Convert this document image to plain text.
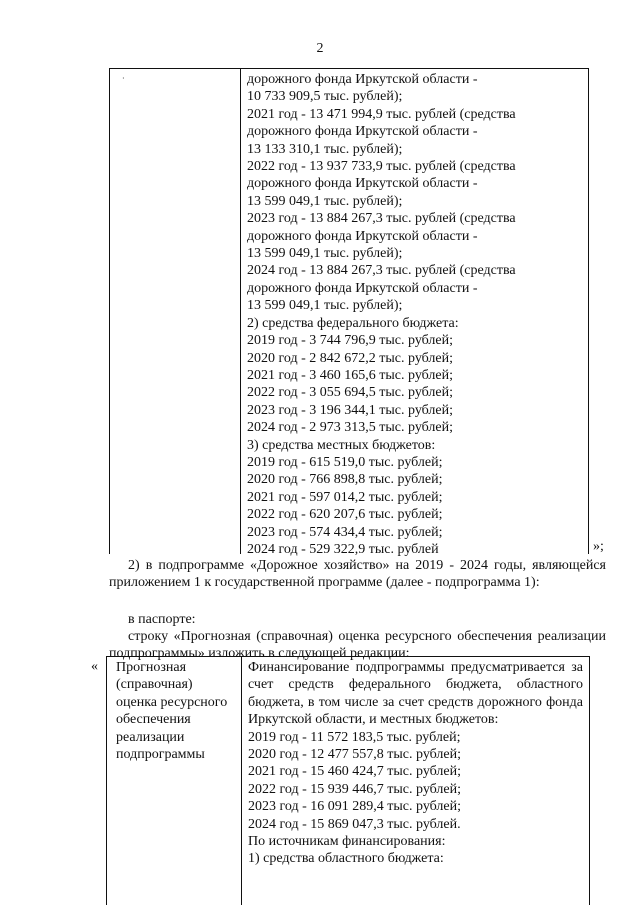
2
·	дорожного фонда Иркутской области -
10 733 909,5 тыс. рублей);
2021 год - 13 471 994,9 тыс. рублей (средства
дорожного фонда Иркутской области -
13 133 310,1 тыс. рублей);
2022 год - 13 937 733,9 тыс. рублей (средства
дорожного фонда Иркутской области -
13 599 049,1 тыс. рублей);
2023 год - 13 884 267,3 тыс. рублей (средства
дорожного фонда Иркутской области -
13 599 049,1 тыс. рублей);
2024 год - 13 884 267,3 тыс. рублей (средства
дорожного фонда Иркутской области -
13 599 049,1 тыс. рублей);
2) средства федерального бюджета:
2019 год - 3 744 796,9 тыс. рублей;
2020 год - 2 842 672,2 тыс. рублей;
2021 год - 3 460 165,6 тыс. рублей;
2022 год - 3 055 694,5 тыс. рублей;
2023 год - 3 196 344,1 тыс. рублей;
2024 год - 2 973 313,5 тыс. рублей;
3) средства местных бюджетов:
2019 год - 615 519,0 тыс. рублей;
2020 год - 766 898,8 тыс. рублей;
2021 год - 597 014,2 тыс. рублей;
2022 год - 620 207,6 тыс. рублей;
2023 год - 574 434,4 тыс. рублей;
2024 год - 529 322,9 тыс. рублей	»;
2) в подпрограмме «Дорожное хозяйство» на 2019 - 2024 годы, являющейся приложением 1 к государственной программе (далее - подпрограмма 1):
в паспорте:
строку «Прогнозная (справочная) оценка ресурсного обеспечения реализации подпрограммы» изложить в следующей редакции:
« Прогнозная
(справочная)
оценка ресурсного
обеспечения
реализации
подпрограммы
Финансирование подпрограммы предусматривается за счет средств федерального бюджета, областного бюджета, в том числе за счет средств дорожного фонда Иркутской области, и местных бюджетов:
2019 год - 11 572 183,5 тыс. рублей;
2020 год - 12 477 557,8 тыс. рублей;
2021 год - 15 460 424,7 тыс. рублей;
2022 год - 15 939 446,7 тыс. рублей;
2023 год - 16 091 289,4 тыс. рублей;
2024 год - 15 869 047,3 тыс. рублей.
По источникам финансирования:
1) средства областного бюджета:
